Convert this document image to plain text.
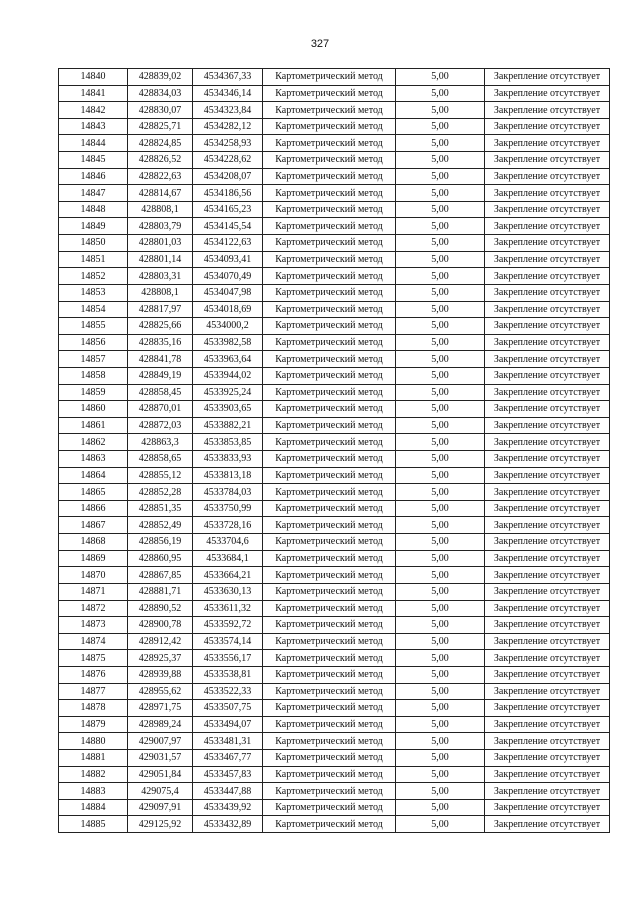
327
14840	428839,02	4534367,33	Картометрический метод	5,00	Закрепление отсутствует
14841	428834,03	4534346,14	Картометрический метод	5,00	Закрепление отсутствует
14842	428830,07	4534323,84	Картометрический метод	5,00	Закрепление отсутствует
14843	428825,71	4534282,12	Картометрический метод	5,00	Закрепление отсутствует
14844	428824,85	4534258,93	Картометрический метод	5,00	Закрепление отсутствует
14845	428826,52	4534228,62	Картометрический метод	5,00	Закрепление отсутствует
14846	428822,63	4534208,07	Картометрический метод	5,00	Закрепление отсутствует
14847	428814,67	4534186,56	Картометрический метод	5,00	Закрепление отсутствует
14848	428808,1	4534165,23	Картометрический метод	5,00	Закрепление отсутствует
14849	428803,79	4534145,54	Картометрический метод	5,00	Закрепление отсутствует
14850	428801,03	4534122,63	Картометрический метод	5,00	Закрепление отсутствует
14851	428801,14	4534093,41	Картометрический метод	5,00	Закрепление отсутствует
14852	428803,31	4534070,49	Картометрический метод	5,00	Закрепление отсутствует
14853	428808,1	4534047,98	Картометрический метод	5,00	Закрепление отсутствует
14854	428817,97	4534018,69	Картометрический метод	5,00	Закрепление отсутствует
14855	428825,66	4534000,2	Картометрический метод	5,00	Закрепление отсутствует
14856	428835,16	4533982,58	Картометрический метод	5,00	Закрепление отсутствует
14857	428841,78	4533963,64	Картометрический метод	5,00	Закрепление отсутствует
14858	428849,19	4533944,02	Картометрический метод	5,00	Закрепление отсутствует
14859	428858,45	4533925,24	Картометрический метод	5,00	Закрепление отсутствует
14860	428870,01	4533903,65	Картометрический метод	5,00	Закрепление отсутствует
14861	428872,03	4533882,21	Картометрический метод	5,00	Закрепление отсутствует
14862	428863,3	4533853,85	Картометрический метод	5,00	Закрепление отсутствует
14863	428858,65	4533833,93	Картометрический метод	5,00	Закрепление отсутствует
14864	428855,12	4533813,18	Картометрический метод	5,00	Закрепление отсутствует
14865	428852,28	4533784,03	Картометрический метод	5,00	Закрепление отсутствует
14866	428851,35	4533750,99	Картометрический метод	5,00	Закрепление отсутствует
14867	428852,49	4533728,16	Картометрический метод	5,00	Закрепление отсутствует
14868	428856,19	4533704,6	Картометрический метод	5,00	Закрепление отсутствует
14869	428860,95	4533684,1	Картометрический метод	5,00	Закрепление отсутствует
14870	428867,85	4533664,21	Картометрический метод	5,00	Закрепление отсутствует
14871	428881,71	4533630,13	Картометрический метод	5,00	Закрепление отсутствует
14872	428890,52	4533611,32	Картометрический метод	5,00	Закрепление отсутствует
14873	428900,78	4533592,72	Картометрический метод	5,00	Закрепление отсутствует
14874	428912,42	4533574,14	Картометрический метод	5,00	Закрепление отсутствует
14875	428925,37	4533556,17	Картометрический метод	5,00	Закрепление отсутствует
14876	428939,88	4533538,81	Картометрический метод	5,00	Закрепление отсутствует
14877	428955,62	4533522,33	Картометрический метод	5,00	Закрепление отсутствует
14878	428971,75	4533507,75	Картометрический метод	5,00	Закрепление отсутствует
14879	428989,24	4533494,07	Картометрический метод	5,00	Закрепление отсутствует
14880	429007,97	4533481,31	Картометрический метод	5,00	Закрепление отсутствует
14881	429031,57	4533467,77	Картометрический метод	5,00	Закрепление отсутствует
14882	429051,84	4533457,83	Картометрический метод	5,00	Закрепление отсутствует
14883	429075,4	4533447,88	Картометрический метод	5,00	Закрепление отсутствует
14884	429097,91	4533439,92	Картометрический метод	5,00	Закрепление отсутствует
14885	429125,92	4533432,89	Картометрический метод	5,00	Закрепление отсутствует
